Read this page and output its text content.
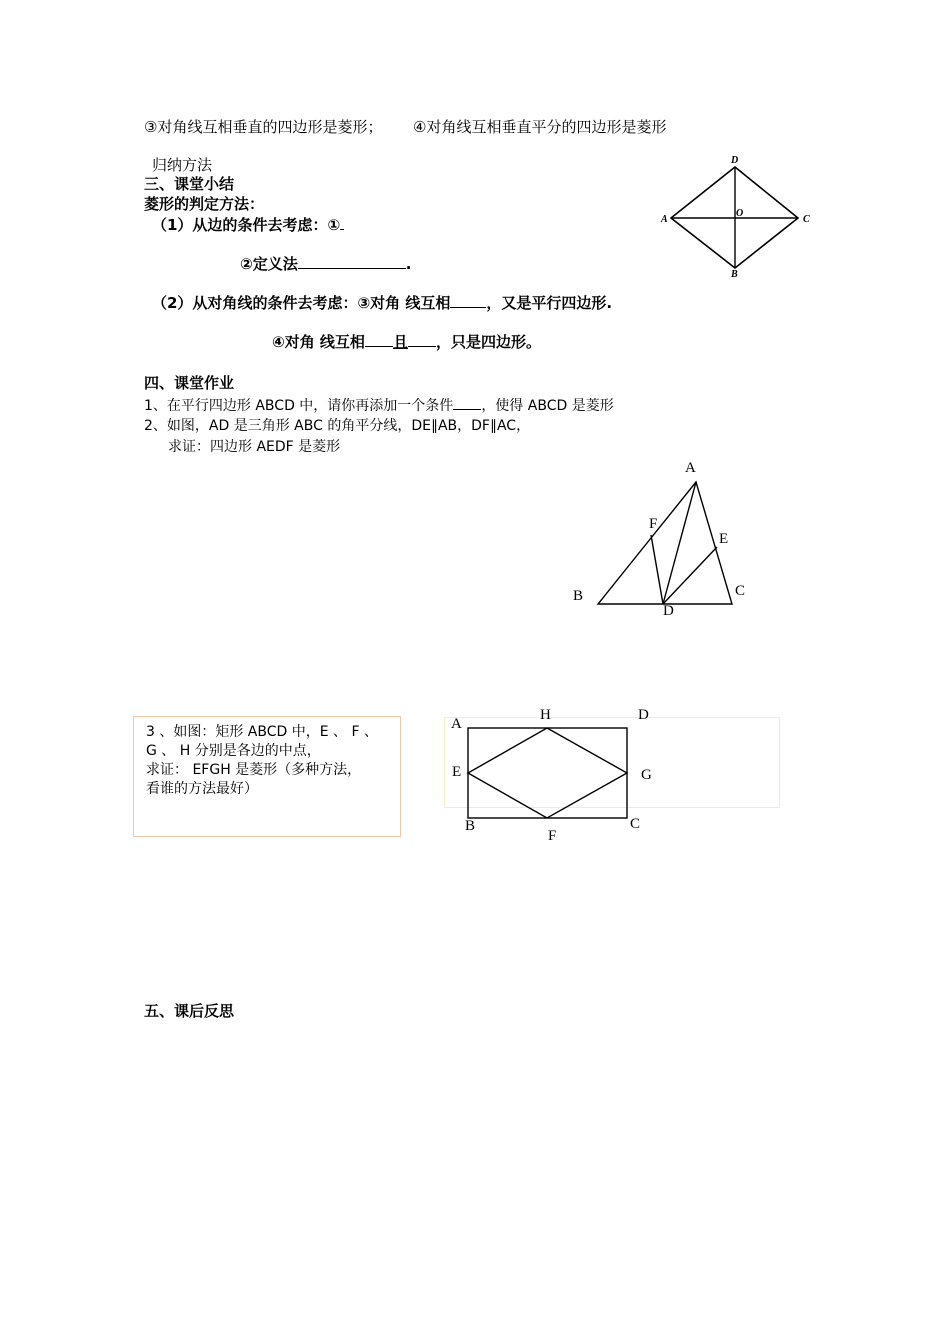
③对角线互相垂直的四边形是菱形； ④对角线互相垂直平分的四边形是菱形
归纳方法
三、课堂小结
菱形的判定方法：
（1）从边的条件去考虑：①
②定义法	.
（2）从对角线的条件去考虑：③对角 线互相 ，又是平行四边形.
④对角 线互相 且 ，只是四边形。
D
A
O
C
B
四、课堂作业
1、在平行四边形 ABCD 中，请你再添加一个条件 ，使得 ABCD 是菱形
2、如图，AD 是三角形 ABC 的角平分线，DE∥AB，DF∥AC，
求证：四边形 AEDF 是菱形
A
F
E
B	C
D
3 、如图：矩形 ABCD 中，E 、 F 、
G 、 H 分别是各边的中点，
求证： EFGH 是菱形（多种方法，
看谁的方法最好）
A
H	D
E	G
B
F
C
五、课后反思
